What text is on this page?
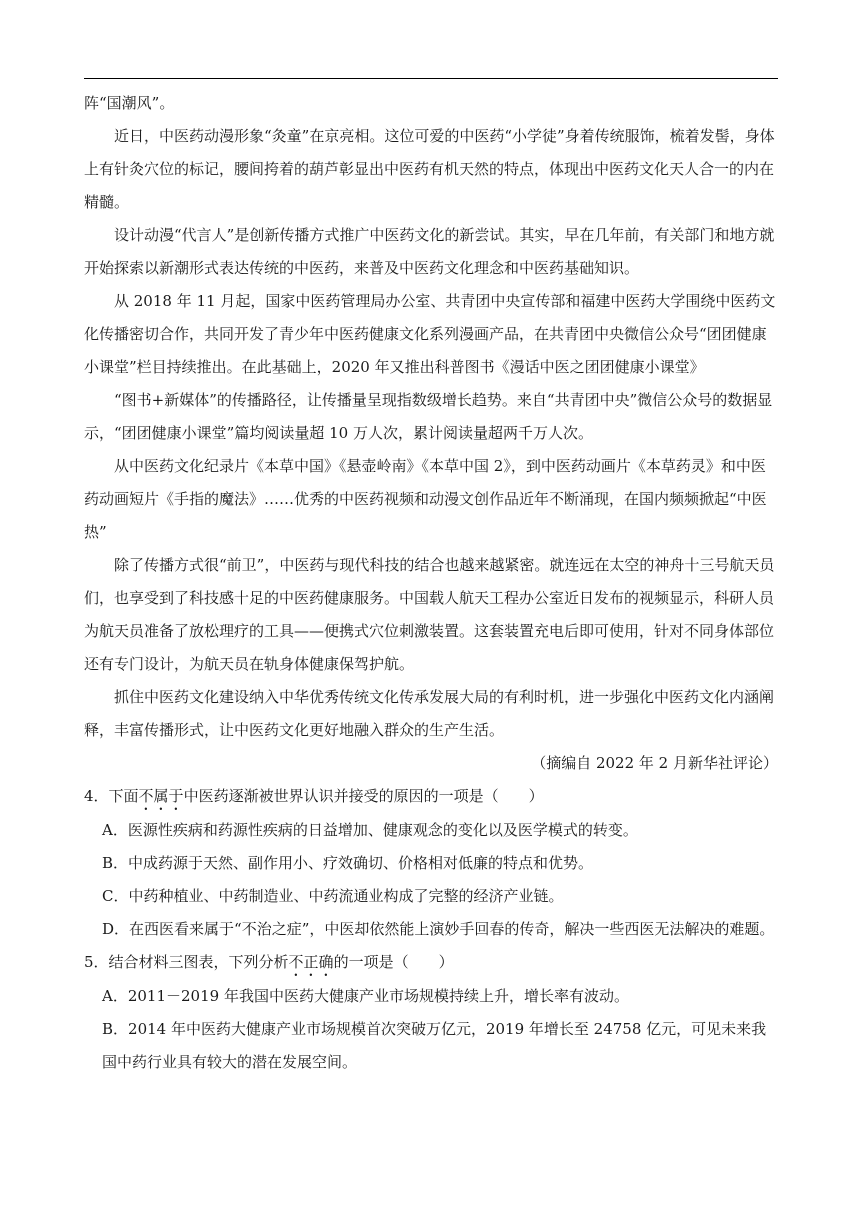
阵“国潮风”。

近日，中医药动漫形象“灸童”在京亮相。这位可爱的中医药“小学徒”身着传统服饰，梳着发髻，身体上有针灸穴位的标记，腰间挎着的葫芦彰显出中医药有机天然的特点，体现出中医药文化天人合一的内在精髓。

设计动漫“代言人”是创新传播方式推广中医药文化的新尝试。其实，早在几年前，有关部门和地方就开始探索以新潮形式表达传统的中医药，来普及中医药文化理念和中医药基础知识。

从 2018 年 11 月起，国家中医药管理局办公室、共青团中央宣传部和福建中医药大学围绕中医药文化传播密切合作，共同开发了青少年中医药健康文化系列漫画产品，在共青团中央微信公众号“团团健康小课堂”栏目持续推出。在此基础上，2020 年又推出科普图书《漫话中医之团团健康小课堂》

“图书+新媒体”的传播路径，让传播量呈现指数级增长趋势。来自“共青团中央”微信公众号的数据显示，“团团健康小课堂”篇均阅读量超 10 万人次，累计阅读量超两千万人次。

从中医药文化纪录片《本草中国》《悬壶岭南》《本草中国 2》，到中医药动画片《本草药灵》和中医药动画短片《手指的魔法》……优秀的中医药视频和动漫文创作品近年不断涌现，在国内频频掀起“中医热”

除了传播方式很“前卫”，中医药与现代科技的结合也越来越紧密。就连远在太空的神舟十三号航天员们，也享受到了科技感十足的中医药健康服务。中国载人航天工程办公室近日发布的视频显示，科研人员为航天员准备了放松理疗的工具——便携式穴位刺激装置。这套装置充电后即可使用，针对不同身体部位还有专门设计，为航天员在轨身体健康保驾护航。

抓住中医药文化建设纳入中华优秀传统文化传承发展大局的有利时机，进一步强化中医药文化内涵阐释，丰富传播形式，让中医药文化更好地融入群众的生产生活。

（摘编自 2022 年 2 月新华社评论）

4．下面不属于中医药逐渐被世界认识并接受的原因的一项是（　　）

A．医源性疾病和药源性疾病的日益增加、健康观念的变化以及医学模式的转变。

B．中成药源于天然、副作用小、疗效确切、价格相对低廉的特点和优势。

C．中药种植业、中药制造业、中药流通业构成了完整的经济产业链。

D．在西医看来属于“不治之症”，中医却依然能上演妙手回春的传奇，解决一些西医无法解决的难题。

5．结合材料三图表，下列分析不正确的一项是（　　）

A．2011－2019 年我国中医药大健康产业市场规模持续上升，增长率有波动。

B．2014 年中医药大健康产业市场规模首次突破万亿元，2019 年增长至 24758 亿元，可见未来我国中药行业具有较大的潜在发展空间。
